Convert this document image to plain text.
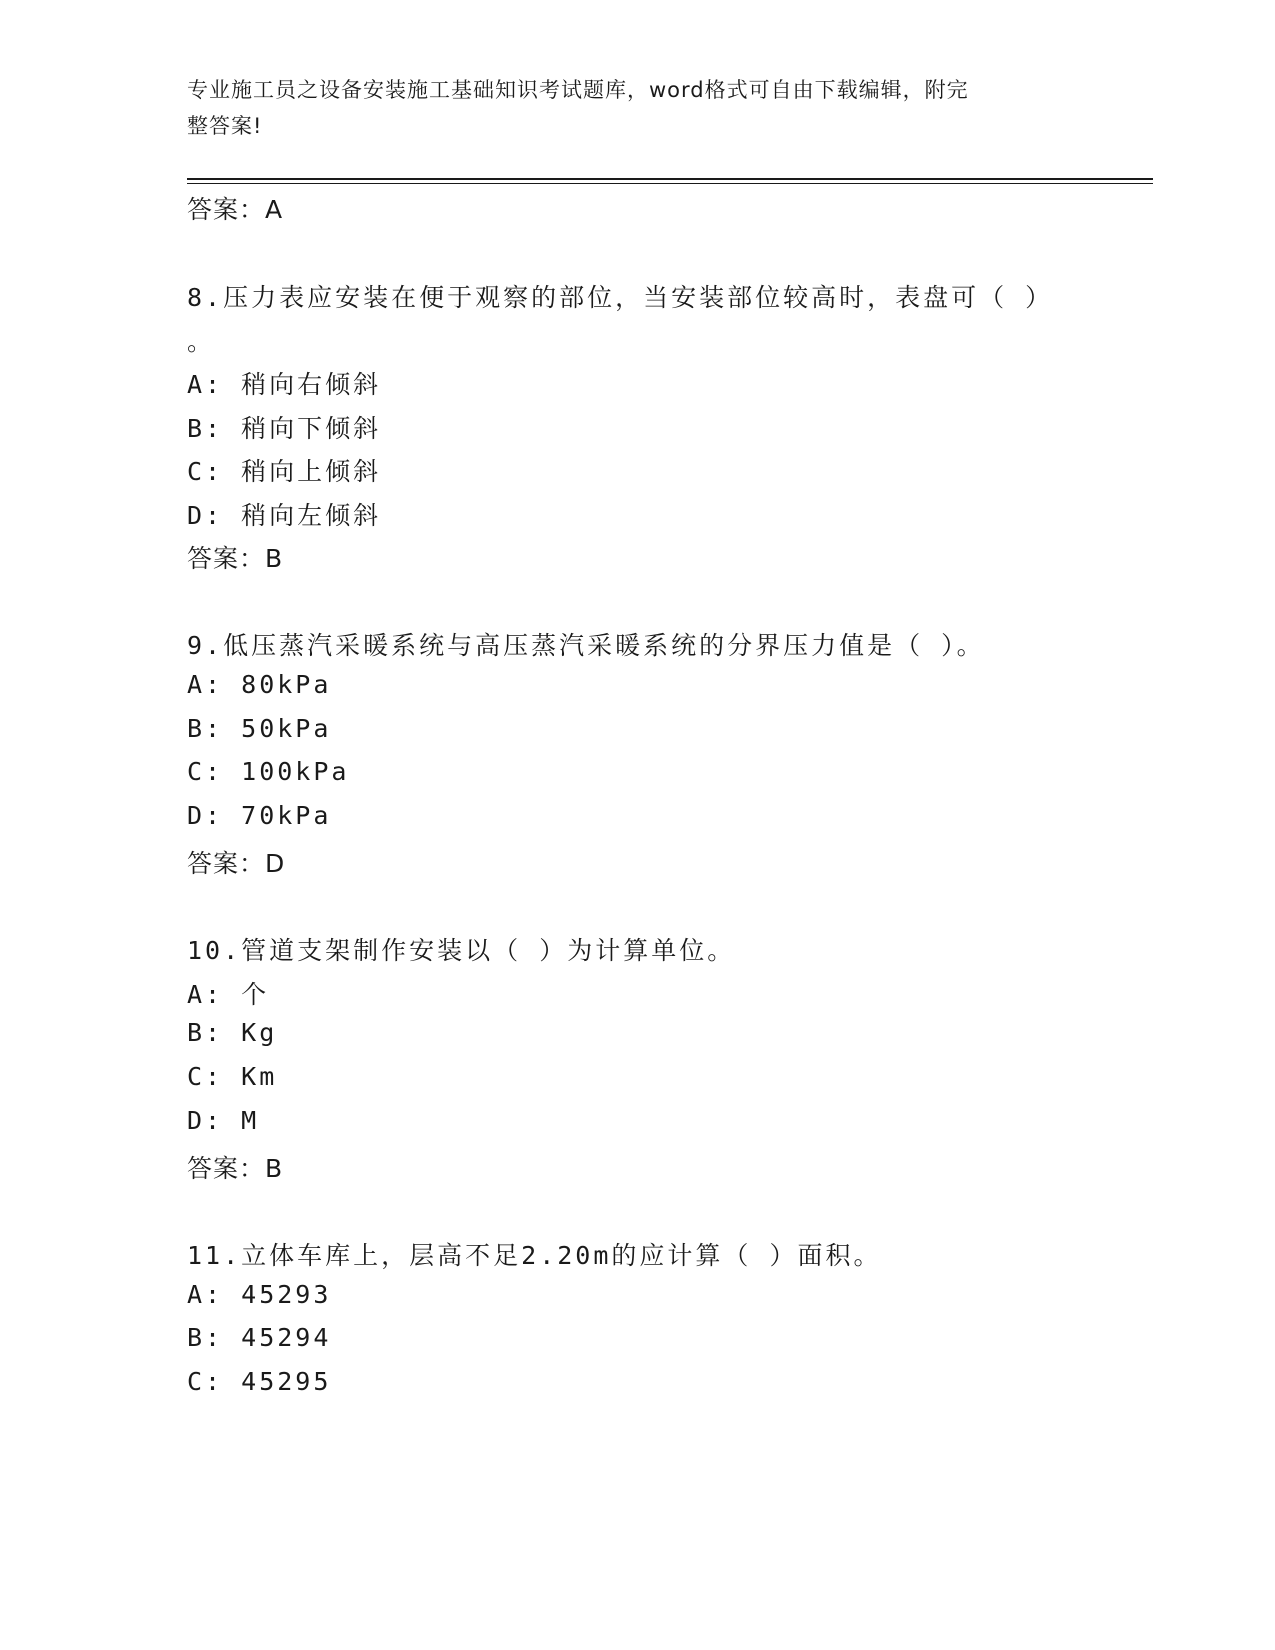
专业施工员之设备安装施工基础知识考试题库，word格式可自由下载编辑，附完
整答案!
答案：A
8.压力表应安装在便于观察的部位，当安装部位较高时，表盘可（ ）
。
A: 稍向右倾斜
B: 稍向下倾斜
C: 稍向上倾斜
D: 稍向左倾斜
答案：B
9.低压蒸汽采暖系统与高压蒸汽采暖系统的分界压力值是（ ）。
A: 80kPa
B: 50kPa
C: 100kPa
D: 70kPa
答案：D
10.管道支架制作安装以（ ）为计算单位。
A: 个
B: Kg
C: Km
D: M
答案：B
11.立体车库上，层高不足2.20m的应计算（ ）面积。
A: 45293
B: 45294
C: 45295
